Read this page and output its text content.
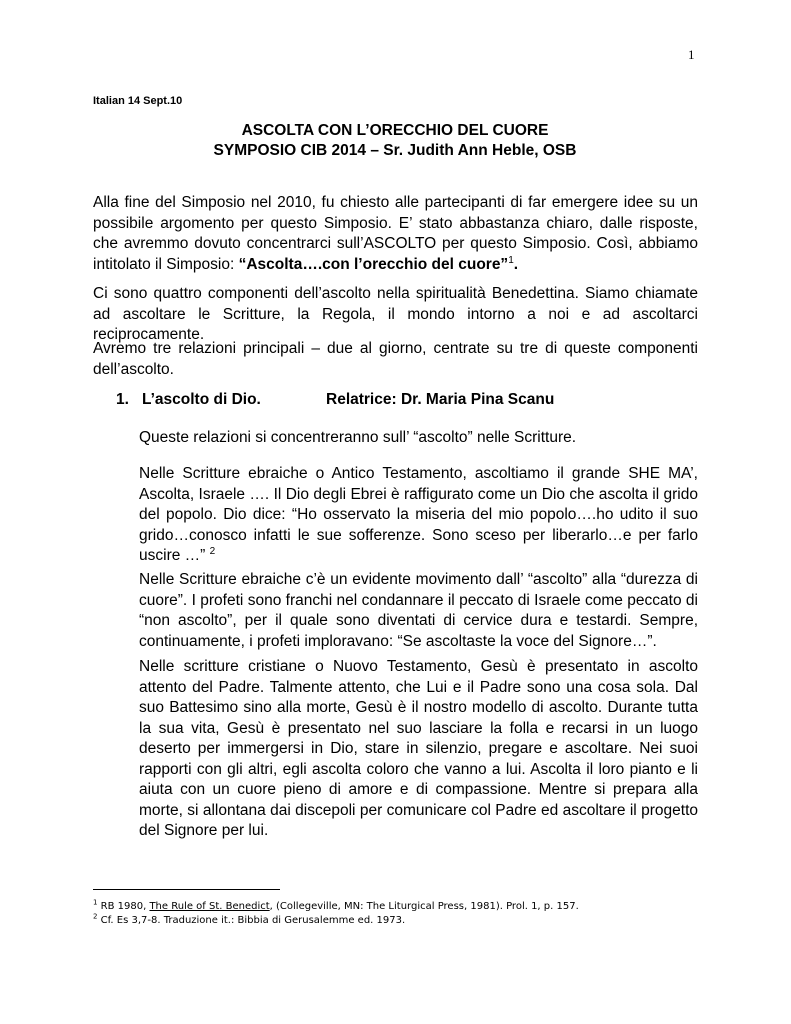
1
Italian 14 Sept.10
ASCOLTA CON L’ORECCHIO DEL CUORE
SYMPOSIO CIB 2014 – Sr. Judith Ann Heble, OSB
Alla fine del Simposio nel 2010, fu chiesto alle partecipanti di far emergere idee su un possibile argomento per questo Simposio. E’ stato abbastanza chiaro, dalle risposte, che avremmo dovuto concentrarci sull’ASCOLTO per questo Simposio. Così, abbiamo intitolato il Simposio: “Ascolta….con l’orecchio del cuore”$^1$.
Ci sono quattro componenti dell’ascolto nella spiritualità Benedettina. Siamo chiamate ad ascoltare le Scritture, la Regola, il mondo intorno a noi e ad ascoltarci reciprocamente.
Avremo tre relazioni principali – due al giorno, centrate su tre di queste componenti dell’ascolto.
1. L’ascolto di Dio.	Relatrice: Dr. Maria Pina Scanu
Queste relazioni si concentreranno sull’ “ascolto” nelle Scritture.
Nelle Scritture ebraiche o Antico Testamento, ascoltiamo il grande SHE MA’, Ascolta, Israele …. Il Dio degli Ebrei è raffigurato come un Dio che ascolta il grido del popolo. Dio dice: “Ho osservato la miseria del mio popolo….ho udito il suo grido…conosco infatti le sue sofferenze. Sono sceso per liberarlo…e per farlo uscire …” $^2$
Nelle Scritture ebraiche c’è un evidente movimento dall’ “ascolto” alla “durezza di cuore”. I profeti sono franchi nel condannare il peccato di Israele come peccato di “non ascolto”, per il quale sono diventati di cervice dura e testardi. Sempre, continuamente, i profeti imploravano: “Se ascoltaste la voce del Signore…”.
Nelle scritture cristiane o Nuovo Testamento, Gesù è presentato in ascolto attento del Padre. Talmente attento, che Lui e il Padre sono una cosa sola. Dal suo Battesimo sino alla morte, Gesù è il nostro modello di ascolto. Durante tutta la sua vita, Gesù è presentato nel suo lasciare la folla e recarsi in un luogo deserto per immergersi in Dio, stare in silenzio, pregare e ascoltare. Nei suoi rapporti con gli altri, egli ascolta coloro che vanno a lui. Ascolta il loro pianto e li aiuta con un cuore pieno di amore e di compassione. Mentre si prepara alla morte, si allontana dai discepoli per comunicare col Padre ed ascoltare il progetto del Signore per lui.
$^1$ RB 1980, The Rule of St. Benedict, (Collegeville, MN: The Liturgical Press, 1981). Prol. 1, p. 157.
$^2$ Cf. Es 3,7-8. Traduzione it.: Bibbia di Gerusalemme ed. 1973.
